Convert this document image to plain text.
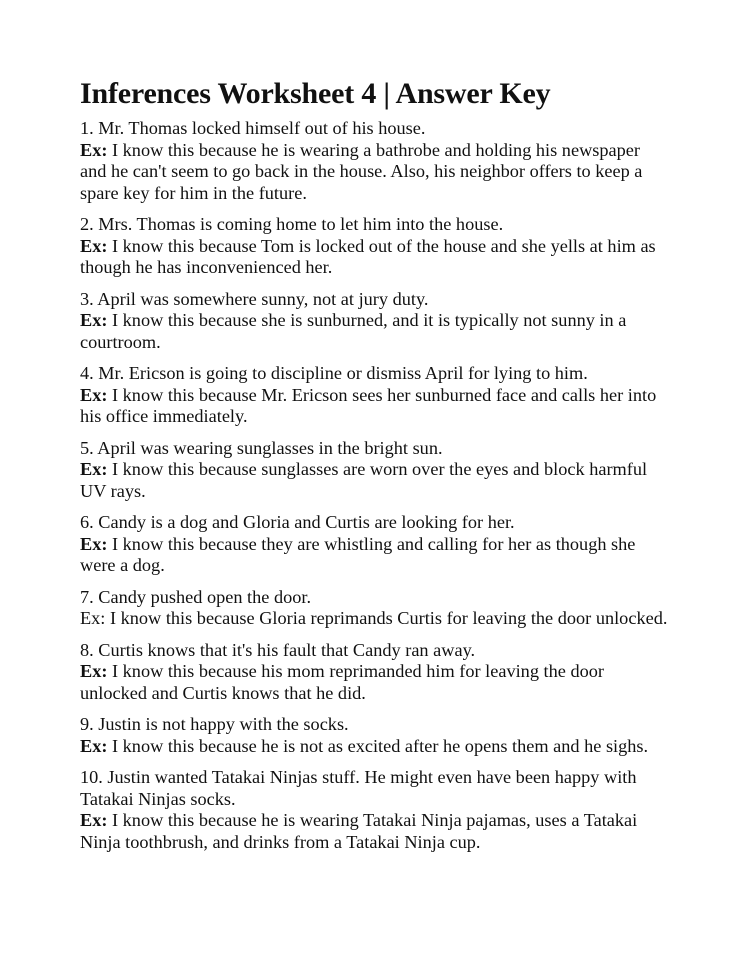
Inferences Worksheet 4 | Answer Key
1. Mr. Thomas locked himself out of his house.
Ex: I know this because he is wearing a bathrobe and holding his newspaper
and he can't seem to go back in the house. Also, his neighbor offers to keep a
spare key for him in the future.
2. Mrs. Thomas is coming home to let him into the house.
Ex: I know this because Tom is locked out of the house and she yells at him as
though he has inconvenienced her.
3. April was somewhere sunny, not at jury duty.
Ex: I know this because she is sunburned, and it is typically not sunny in a
courtroom.
4. Mr. Ericson is going to discipline or dismiss April for lying to him.
Ex: I know this because Mr. Ericson sees her sunburned face and calls her into
his office immediately.
5. April was wearing sunglasses in the bright sun.
Ex: I know this because sunglasses are worn over the eyes and block harmful
UV rays.
6. Candy is a dog and Gloria and Curtis are looking for her.
Ex: I know this because they are whistling and calling for her as though she
were a dog.
7. Candy pushed open the door.
Ex: I know this because Gloria reprimands Curtis for leaving the door unlocked.
8. Curtis knows that it's his fault that Candy ran away.
Ex: I know this because his mom reprimanded him for leaving the door
unlocked and Curtis knows that he did.
9. Justin is not happy with the socks.
Ex: I know this because he is not as excited after he opens them and he sighs.
10. Justin wanted Tatakai Ninjas stuff. He might even have been happy with
Tatakai Ninjas socks.
Ex: I know this because he is wearing Tatakai Ninja pajamas, uses a Tatakai
Ninja toothbrush, and drinks from a Tatakai Ninja cup.
